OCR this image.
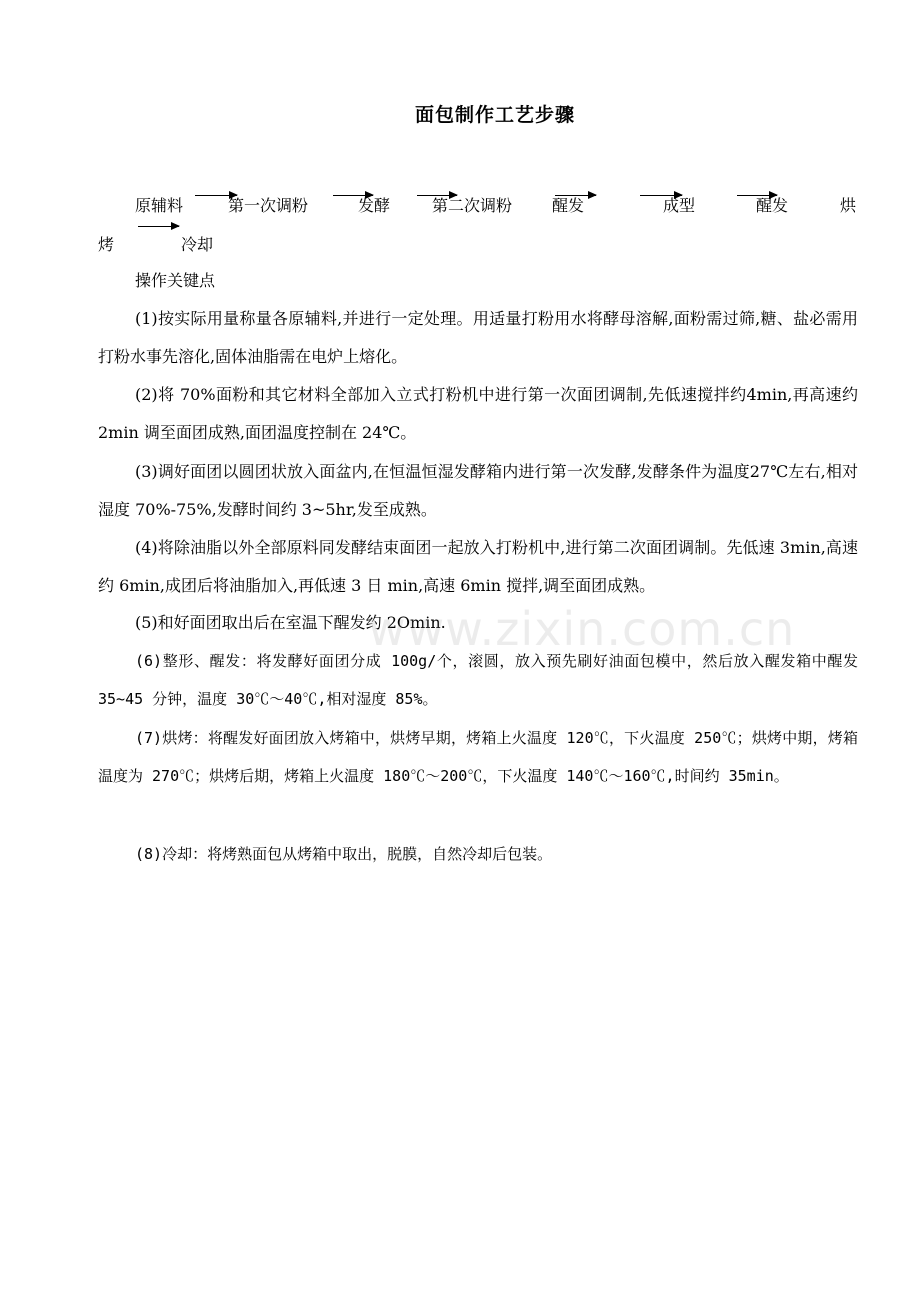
面包制作工艺步骤
原辅料	第一次调粉	发酵	第二次调粉 醒发	成型	醒发	烘
烤	冷却
操作关键点

(1)按实际用量称量各原辅料,并进行一定处理。用适量打粉用水将酵母溶解,面粉需过筛,糖、盐必需用打粉水事先溶化,固体油脂需在电炉上熔化。

(2)将 70%面粉和其它材料全部加入立式打粉机中进行第一次面团调制,先低速搅拌约4min,再高速约 2min 调至面团成熟,面团温度控制在 24℃。

(3)调好面团以圆团状放入面盆内,在恒温恒湿发酵箱内进行第一次发酵,发酵条件为温度27℃左右,相对湿度 70%-75%,发酵时间约 3~5hr,发至成熟。

(4)将除油脂以外全部原料同发酵结束面团一起放入打粉机中,进行第二次面团调制。先低速 3min,高速约 6min,成团后将油脂加入,再低速 3 日 min,高速 6min 搅拌,调至面团成熟。

(5)和好面团取出后在室温下醒发约 2Omin.

(6)整形、醒发：将发酵好面团分成 100g/个，滚圆，放入预先刷好油面包模中，然后放入醒发箱中醒发 35~45 分钟，温度 30℃～40℃,相对湿度 85%。

(7)烘烤：将醒发好面团放入烤箱中，烘烤早期，烤箱上火温度 120℃，下火温度 250℃；烘烤中期，烤箱温度为 270℃；烘烤后期，烤箱上火温度 180℃～200℃，下火温度 140℃～160℃,时间约 35min。

(8)冷却：将烤熟面包从烤箱中取出，脱膜，自然冷却后包装。

www.zixin.com.cn
